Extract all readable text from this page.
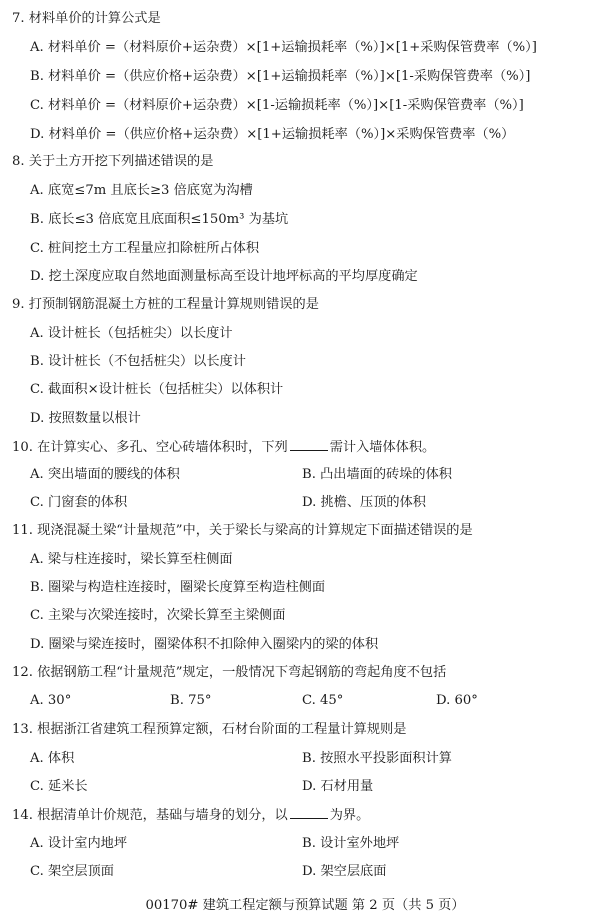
7. 材料单价的计算公式是
A. 材料单价 =（材料原价+运杂费）×[1+运输损耗率（%）]×[1+采购保管费率（%）]
B. 材料单价 =（供应价格+运杂费）×[1+运输损耗率（%）]×[1-采购保管费率（%）]
C. 材料单价 =（材料原价+运杂费）×[1-运输损耗率（%）]×[1-采购保管费率（%）]
D. 材料单价 =（供应价格+运杂费）×[1+运输损耗率（%）]×采购保管费率（%）
8. 关于土方开挖下列描述错误的是
A. 底宽≤7m 且底长≥3 倍底宽为沟槽
B. 底长≤3 倍底宽且底面积≤150m³ 为基坑
C. 桩间挖土方工程量应扣除桩所占体积
D. 挖土深度应取自然地面测量标高至设计地坪标高的平均厚度确定
9. 打预制钢筋混凝土方桩的工程量计算规则错误的是
A. 设计桩长（包括桩尖）以长度计
B. 设计桩长（不包括桩尖）以长度计
C. 截面积×设计桩长（包括桩尖）以体积计
D. 按照数量以根计
10. 在计算实心、多孔、空心砖墙体积时，下列	需计入墙体体积。
A. 突出墙面的腰线的体积	B. 凸出墙面的砖垛的体积
C. 门窗套的体积	D. 挑檐、压顶的体积
11. 现浇混凝土梁“计量规范”中，关于梁长与梁高的计算规定下面描述错误的是
A. 梁与柱连接时，梁长算至柱侧面
B. 圈梁与构造柱连接时，圈梁长度算至构造柱侧面
C. 主梁与次梁连接时，次梁长算至主梁侧面
D. 圈梁与梁连接时，圈梁体积不扣除伸入圈梁内的梁的体积
12. 依据钢筋工程“计量规范”规定，一般情况下弯起钢筋的弯起角度不包括
A. 30°	B. 75°	C. 45°	D. 60°
13. 根据浙江省建筑工程预算定额，石材台阶面的工程量计算规则是
A. 体积	B. 按照水平投影面积计算
C. 延米长	D. 石材用量
14. 根据清单计价规范，基础与墙身的划分，以	为界。
A. 设计室内地坪	B. 设计室外地坪
C. 架空层顶面	D. 架空层底面
00170# 建筑工程定额与预算试题 第 2 页（共 5 页）
